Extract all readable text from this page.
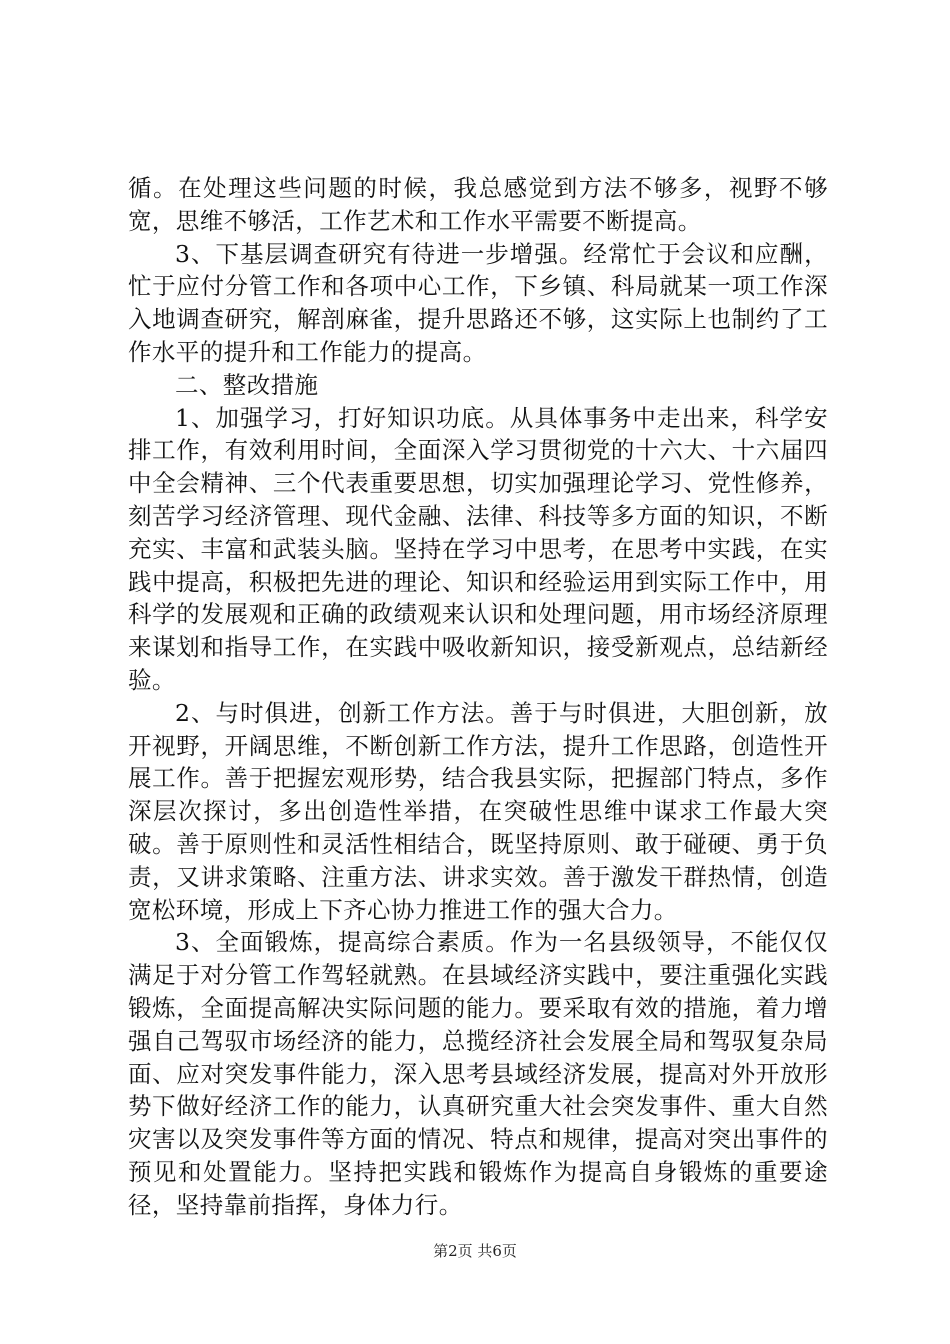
循。在处理这些问题的时候，我总感觉到方法不够多，视野不够宽，思维不够活，工作艺术和工作水平需要不断提高。

3、下基层调查研究有待进一步增强。经常忙于会议和应酬，忙于应付分管工作和各项中心工作，下乡镇、科局就某一项工作深入地调查研究，解剖麻雀，提升思路还不够，这实际上也制约了工作水平的提升和工作能力的提高。

二、整改措施

1、加强学习，打好知识功底。从具体事务中走出来，科学安排工作，有效利用时间，全面深入学习贯彻党的十六大、十六届四中全会精神、三个代表重要思想，切实加强理论学习、党性修养，刻苦学习经济管理、现代金融、法律、科技等多方面的知识，不断充实、丰富和武装头脑。坚持在学习中思考，在思考中实践，在实践中提高，积极把先进的理论、知识和经验运用到实际工作中，用科学的发展观和正确的政绩观来认识和处理问题，用市场经济原理来谋划和指导工作，在实践中吸收新知识，接受新观点，总结新经验。

2、与时俱进，创新工作方法。善于与时俱进，大胆创新，放开视野，开阔思维，不断创新工作方法，提升工作思路，创造性开展工作。善于把握宏观形势，结合我县实际，把握部门特点，多作深层次探讨，多出创造性举措，在突破性思维中谋求工作最大突破。善于原则性和灵活性相结合，既坚持原则、敢于碰硬、勇于负责，又讲求策略、注重方法、讲求实效。善于激发干群热情，创造宽松环境，形成上下齐心协力推进工作的强大合力。

3、全面锻炼，提高综合素质。作为一名县级领导，不能仅仅满足于对分管工作驾轻就熟。在县域经济实践中，要注重强化实践锻炼，全面提高解决实际问题的能力。要采取有效的措施，着力增强自己驾驭市场经济的能力，总揽经济社会发展全局和驾驭复杂局面、应对突发事件能力，深入思考县域经济发展，提高对外开放形势下做好经济工作的能力，认真研究重大社会突发事件、重大自然灾害以及突发事件等方面的情况、特点和规律，提高对突出事件的预见和处置能力。坚持把实践和锻炼作为提高自身锻炼的重要途径，坚持靠前指挥，身体力行。

第2页 共6页
